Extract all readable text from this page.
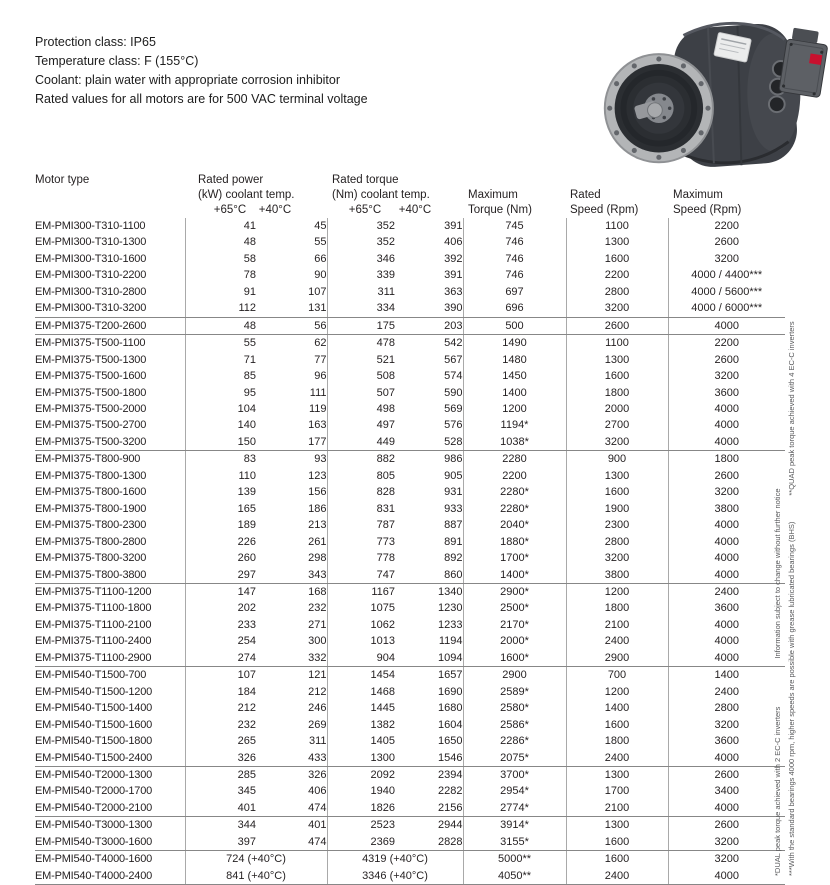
Protection class: IP65
Temperature class: F (155°C)
Coolant: plain water with appropriate corrosion inhibitor
Rated values for all motors are for 500 VAC terminal voltage
Motor type	Rated power
(kW) coolant temp.
+65°C	+40°C
Rated torque
(Nm) coolant temp.
+65°C	+40°C
Maximum
Torque (Nm)
Rated
Speed (Rpm)
Maximum
Speed (Rpm)
EM-PMI300-T310-1100	41	45	352	391	745	1100	2200
EM-PMI300-T310-1300	48	55	352	406	746	1300	2600
EM-PMI300-T310-1600	58	66	346	392	746	1600	3200
EM-PMI300-T310-2200	78	90	339	391	746	2200	4000 / 4400***
EM-PMI300-T310-2800	91	107	311	363	697	2800	4000 / 5600***
EM-PMI300-T310-3200	112	131	334	390	696	3200	4000 / 6000***
EM-PMI375-T200-2600	48	56	175	203	500	2600	4000
EM-PMI375-T500-1100	55	62	478	542	1490	1100	2200
EM-PMI375-T500-1300	71	77	521	567	1480	1300	2600
EM-PMI375-T500-1600	85	96	508	574	1450	1600	3200
EM-PMI375-T500-1800	95	111	507	590	1400	1800	3600
EM-PMI375-T500-2000	104	119	498	569	1200	2000	4000
EM-PMI375-T500-2700	140	163	497	576	1194*	2700	4000
EM-PMI375-T500-3200	150	177	449	528	1038*	3200	4000
EM-PMI375-T800-900	83	93	882	986	2280	900	1800
EM-PMI375-T800-1300	110	123	805	905	2200	1300	2600
EM-PMI375-T800-1600	139	156	828	931	2280*	1600	3200
EM-PMI375-T800-1900	165	186	831	933	2280*	1900	3800
EM-PMI375-T800-2300	189	213	787	887	2040*	2300	4000
EM-PMI375-T800-2800	226	261	773	891	1880*	2800	4000
EM-PMI375-T800-3200	260	298	778	892	1700*	3200	4000
EM-PMI375-T800-3800	297	343	747	860	1400*	3800	4000
EM-PMI375-T1100-1200	147	168	1167	1340	2900*	1200	2400
EM-PMI375-T1100-1800	202	232	1075	1230	2500*	1800	3600
EM-PMI375-T1100-2100	233	271	1062	1233	2170*	2100	4000
EM-PMI375-T1100-2400	254	300	1013	1194	2000*	2400	4000
EM-PMI375-T1100-2900	274	332	904	1094	1600*	2900	4000
EM-PMI540-T1500-700	107	121	1454	1657	2900	700	1400
EM-PMI540-T1500-1200	184	212	1468	1690	2589*	1200	2400
EM-PMI540-T1500-1400	212	246	1445	1680	2580*	1400	2800
EM-PMI540-T1500-1600	232	269	1382	1604	2586*	1600	3200
EM-PMI540-T1500-1800	265	311	1405	1650	2286*	1800	3600
EM-PMI540-T1500-2400	326	433	1300	1546	2075*	2400	4000
EM-PMI540-T2000-1300	285	326	2092	2394	3700*	1300	2600
EM-PMI540-T2000-1700	345	406	1940	2282	2954*	1700	3400
EM-PMI540-T2000-2100	401	474	1826	2156	2774*	2100	4000
EM-PMI540-T3000-1300	344	401	2523	2944	3914*	1300	2600
EM-PMI540-T3000-1600	397	474	2369	2828	3155*	1600	3200
EM-PMI540-T4000-1600	724 (+40°C)		4319 (+40°C)		5000**	1600	3200
EM-PMI540-T4000-2400	841 (+40°C)		3346 (+40°C)		4050**	2400	4000	***With the standard bearings 4000 rpm, higher speeds are possible with grease lubricated bearings (BHS)**QUAD peak torque achieved with 4 EC-C inverters
*DUAL peak torque achieved with 2 EC-C invertersInformation subject to change without further notice
